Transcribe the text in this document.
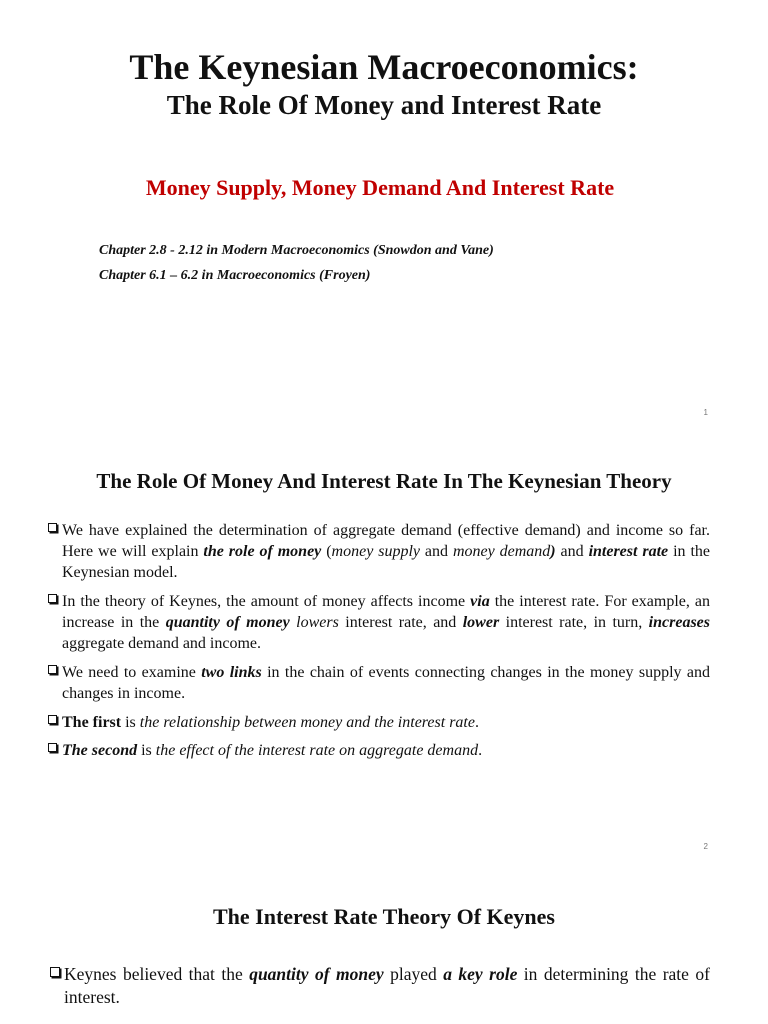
The Keynesian Macroeconomics:
The Role Of Money and Interest Rate
Money Supply, Money Demand And Interest Rate
Chapter 2.8 - 2.12 in Modern Macroeconomics (Snowdon and Vane)
Chapter 6.1 – 6.2 in Macroeconomics (Froyen)
1
The Role Of Money And Interest Rate In The Keynesian Theory
We have explained the determination of aggregate demand (effective demand) and income so far. Here we will explain the role of money (money supply and money demand) and interest rate in the Keynesian model.
In the theory of Keynes, the amount of money affects income via the interest rate. For example, an increase in the quantity of money lowers interest rate, and lower interest rate, in turn, increases aggregate demand and income.
We need to examine two links in the chain of events connecting changes in the money supply and changes in income.
The first is the relationship between money and the interest rate.
The second is the effect of the interest rate on aggregate demand.
2
The Interest Rate Theory Of Keynes
Keynes believed that the quantity of money played a key role in determining the rate of interest.
